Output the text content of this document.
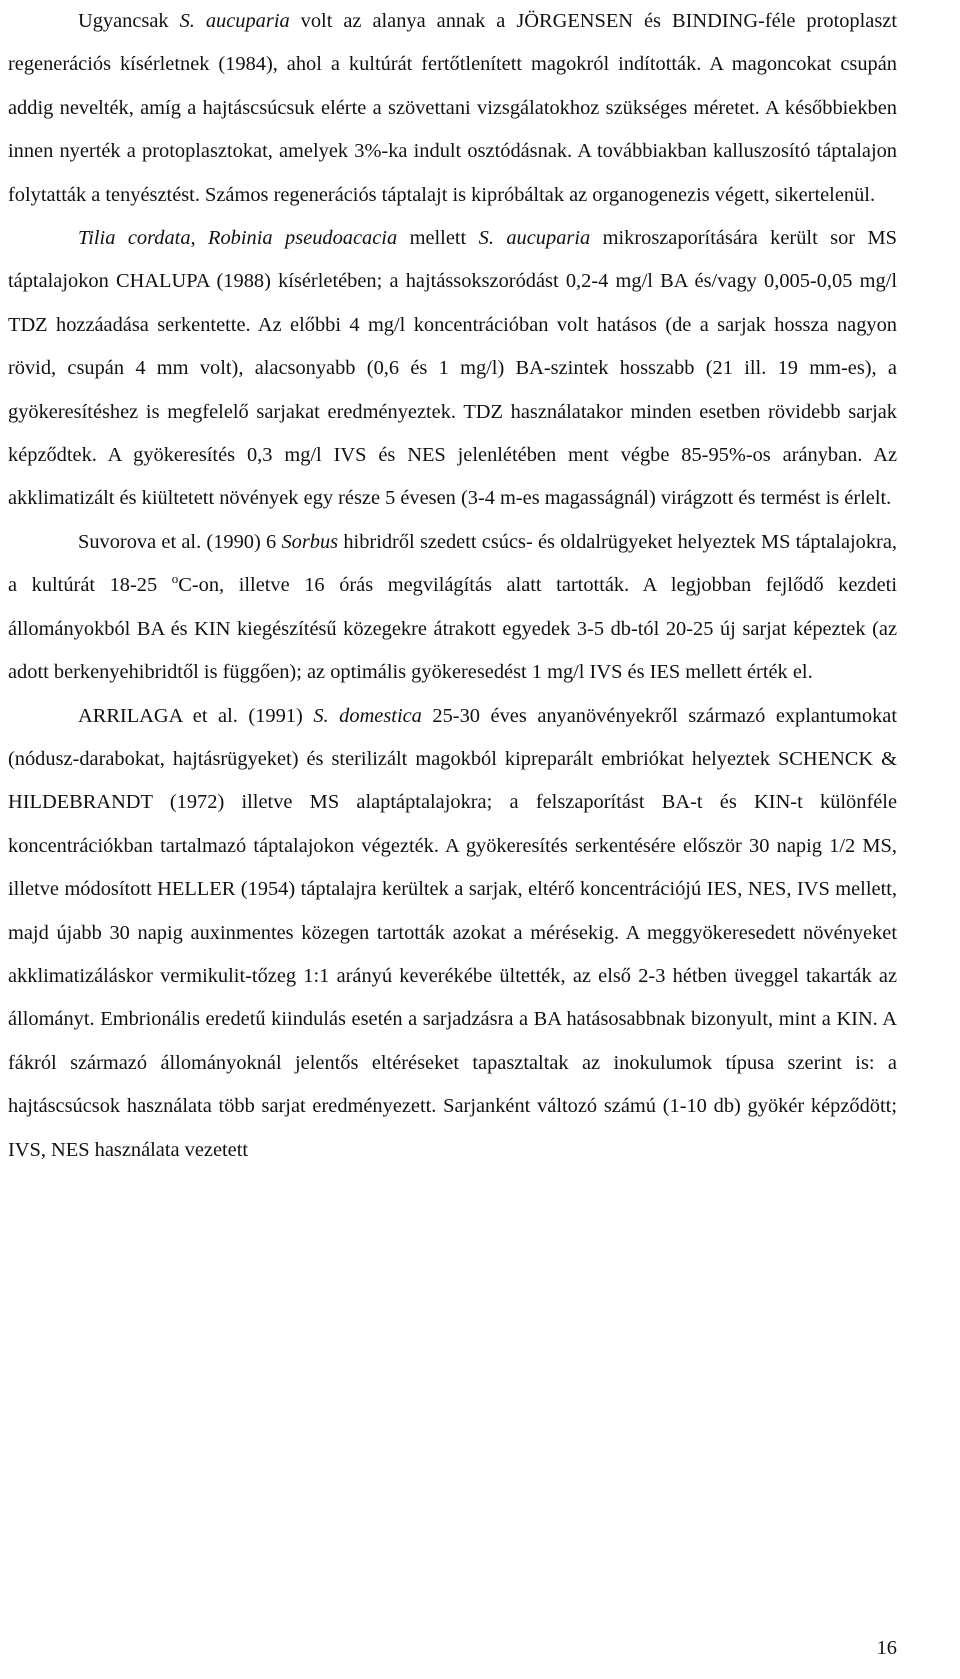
Ugyancsak S. aucuparia volt az alanya annak a JÖRGENSEN és BINDING-féle protoplaszt regenerációs kísérletnek (1984), ahol a kultúrát fertőtlenített magokról indították. A magoncokat csupán addig nevelték, amíg a hajtáscsúcsuk elérte a szövettani vizsgálatokhoz szükséges méretet. A későbbiekben innen nyerték a protoplasztokat, amelyek 3%-ka indult osztódásnak. A továbbiakban kalluszosító táptalajon folytatták a tenyésztést. Számos regenerációs táptalajt is kipróbáltak az organogenezis végett, sikertelenül.

Tilia cordata, Robinia pseudoacacia mellett S. aucuparia mikroszaporítására került sor MS táptalajokon CHALUPA (1988) kísérletében; a hajtássokszoródást 0,2-4 mg/l BA és/vagy 0,005-0,05 mg/l TDZ hozzáadása serkentette. Az előbbi 4 mg/l koncentrációban volt hatásos (de a sarjak hossza nagyon rövid, csupán 4 mm volt), alacsonyabb (0,6 és 1 mg/l) BA-szintek hosszabb (21 ill. 19 mm-es), a gyökeresítéshez is megfelelő sarjakat eredményeztek. TDZ használatakor minden esetben rövidebb sarjak képződtek. A gyökeresítés 0,3 mg/l IVS és NES jelenlétében ment végbe 85-95%-os arányban. Az akklimatizált és kiültetett növények egy része 5 évesen (3-4 m-es magasságnál) virágzott és termést is érlelt.

Suvorova et al. (1990) 6 Sorbus hibridről szedett csúcs- és oldalrügyeket helyeztek MS táptalajokra, a kultúrát 18-25 $^o$C-on, illetve 16 órás megvilágítás alatt tartották. A legjobban fejlődő kezdeti állományokból BA és KIN kiegészítésű közegekre átrakott egyedek 3-5 db-tól 20-25 új sarjat képeztek (az adott berkenyehibridtől is függően); az optimális gyökeresedést 1 mg/l IVS és IES mellett érték el.

ARRILAGA et al. (1991) S. domestica 25-30 éves anyanövényekről származó explantumokat (nódusz-darabokat, hajtásrügyeket) és sterilizált magokból kipreparált embriókat helyeztek SCHENCK & HILDEBRANDT (1972) illetve MS alaptáptalajokra; a felszaporítást BA-t és KIN-t különféle koncentrációkban tartalmazó táptalajokon végezték. A gyökeresítés serkentésére először 30 napig 1/2 MS, illetve módosított HELLER (1954) táptalajra kerültek a sarjak, eltérő koncentrációjú IES, NES, IVS mellett, majd újabb 30 napig auxinmentes közegen tartották azokat a mérésekig. A meggyökeresedett növényeket akklimatizáláskor vermikulit-tőzeg 1:1 arányú keverékébe ültették, az első 2-3 hétben üveggel takarták az állományt. Embrionális eredetű kiindulás esetén a sarjadzásra a BA hatásosabbnak bizonyult, mint a KIN. A fákról származó állományoknál jelentős eltéréseket tapasztaltak az inokulumok típusa szerint is: a hajtáscsúcsok használata több sarjat eredményezett. Sarjanként változó számú (1-10 db) gyökér képződött; IVS, NES használata vezetett

16
